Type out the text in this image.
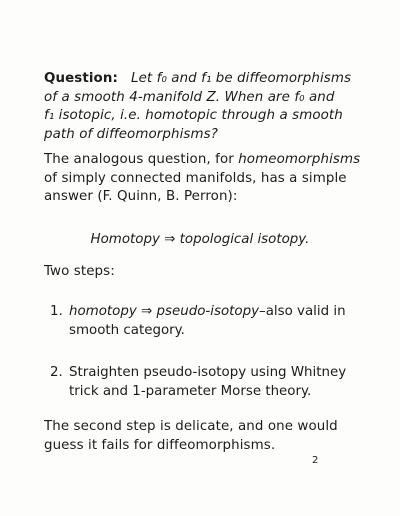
Question: Let f₀ and f₁ be diffeomorphisms
of a smooth 4-manifold Z. When are f₀ and
f₁ isotopic, i.e. homotopic through a smooth
path of diffeomorphisms?
The analogous question, for homeomorphisms
of simply connected manifolds, has a simple
answer (F. Quinn, B. Perron):
Homotopy ⇒ topological isotopy.
Two steps:
1. homotopy ⇒ pseudo-isotopy–also valid in
smooth category.
2. Straighten pseudo-isotopy using Whitney
trick and 1-parameter Morse theory.
The second step is delicate, and one would
guess it fails for diffeomorphisms.
2
